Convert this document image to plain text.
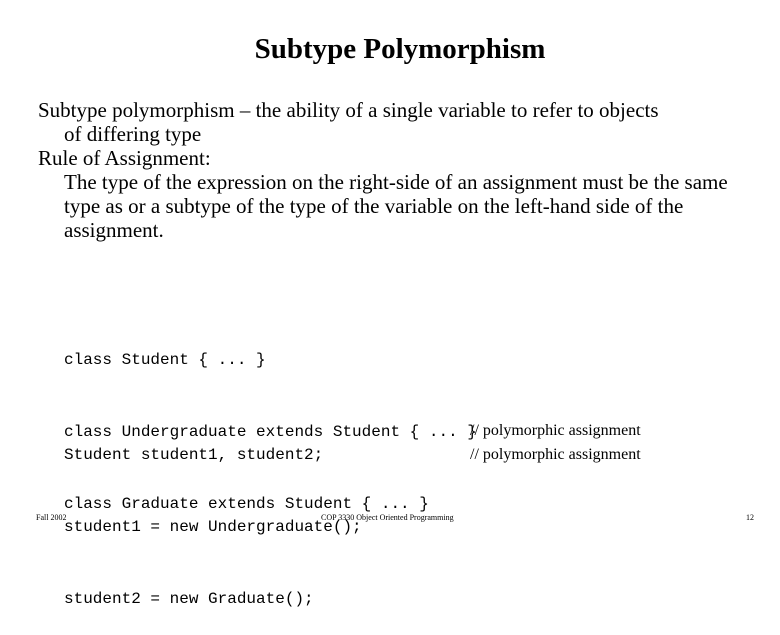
Subtype Polymorphism

Subtype polymorphism – the ability of a single variable to refer to objects
of differing type

Rule of Assignment:

The type of the expression on the right-side of an assignment must be the same type as or a subtype of the type of the variable on the left-hand side of the assignment.

class Student { ... }

class Undergraduate extends Student { ... }

class Graduate extends Student { ... }

Student student1, student2;

student1 = new Undergraduate();

student2 = new Graduate();

// polymorphic assignment
// polymorphic assignment
Fall 2002	COP 3330 Object Oriented Programming	12
